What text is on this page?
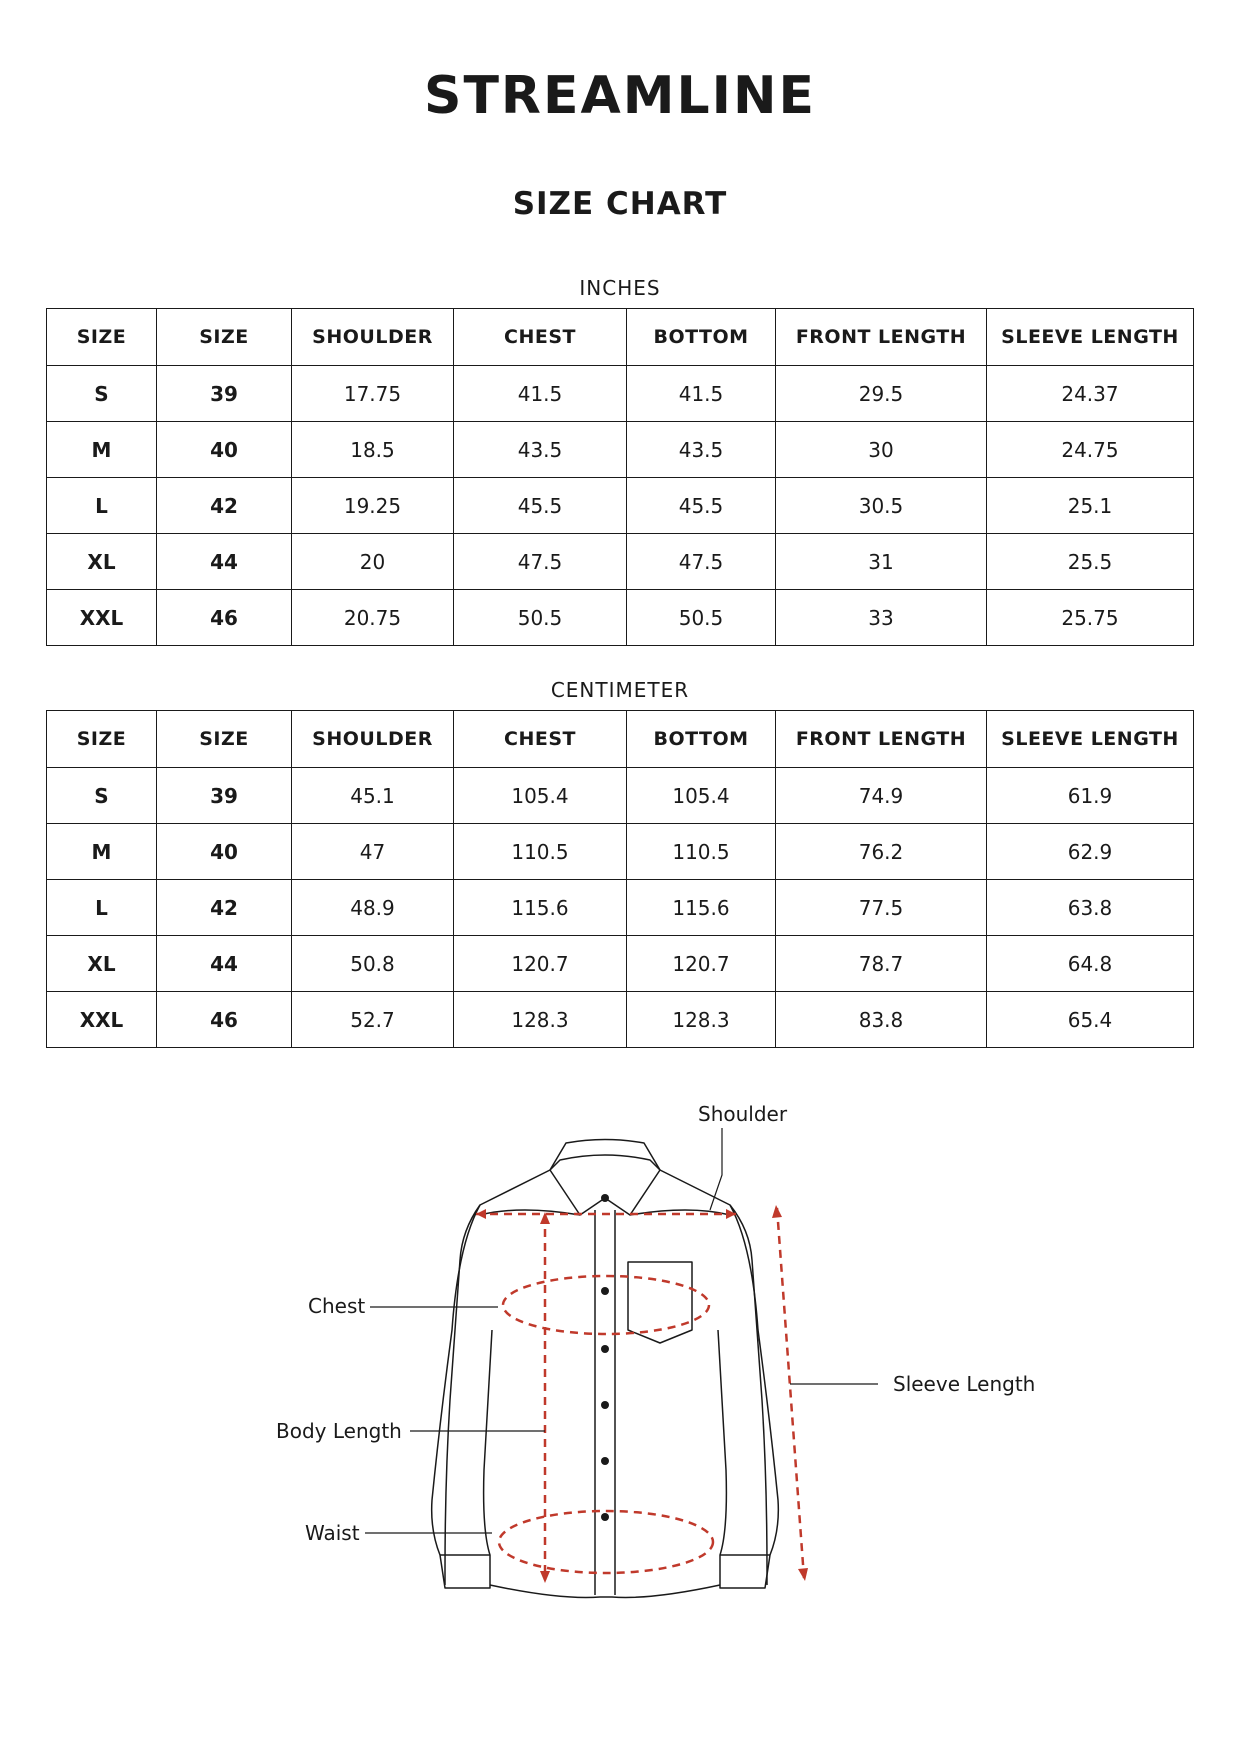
STREAMLINE
SIZE CHART
INCHES
SIZE	SIZE	SHOULDER	CHEST	BOTTOM	FRONT LENGTH	SLEEVE LENGTH
S	39	17.75	41.5	41.5	29.5	24.37
M	40	18.5	43.5	43.5	30	24.75
L	42	19.25	45.5	45.5	30.5	25.1
XL	44	20	47.5	47.5	31	25.5
XXL	46	20.75	50.5	50.5	33	25.75
CENTIMETER
SIZE	SIZE	SHOULDER	CHEST	BOTTOM	FRONT LENGTH	SLEEVE LENGTH
S	39	45.1	105.4	105.4	74.9	61.9
M	40	47	110.5	110.5	76.2	62.9
L	42	48.9	115.6	115.6	77.5	63.8
XL	44	50.8	120.7	120.7	78.7	64.8
XXL	46	52.7	128.3	128.3	83.8	65.4
Shoulder
Chest
Sleeve Length
Body Length
Waist
